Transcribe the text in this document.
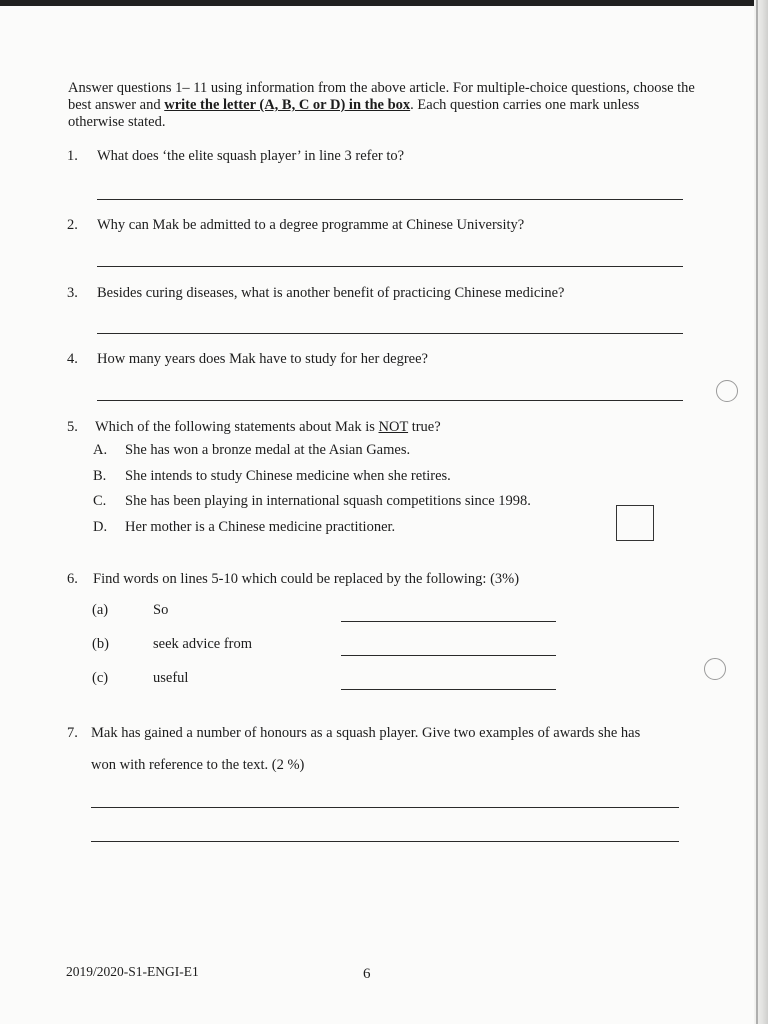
Answer questions 1– 11 using information from the above article. For multiple-choice questions, choose the best answer and write the letter (A, B, C or D) in the box. Each question carries one mark unless otherwise stated.
1. What does ‘the elite squash player’ in line 3 refer to?
2. Why can Mak be admitted to a degree programme at Chinese University?
3. Besides curing diseases, what is another benefit of practicing Chinese medicine?
4. How many years does Mak have to study for her degree?
5. Which of the following statements about Mak is NOT true?
A. She has won a bronze medal at the Asian Games.
B. She intends to study Chinese medicine when she retires.
C. She has been playing in international squash competitions since 1998.
D. Her mother is a Chinese medicine practitioner.
6. Find words on lines 5-10 which could be replaced by the following: (3%)
(a)	So
(b)	seek advice from
(c)	useful
7. Mak has gained a number of honours as a squash player. Give two examples of awards she has
won with reference to the text. (2 %)
2019/2020-S1-ENGI-E1	6
